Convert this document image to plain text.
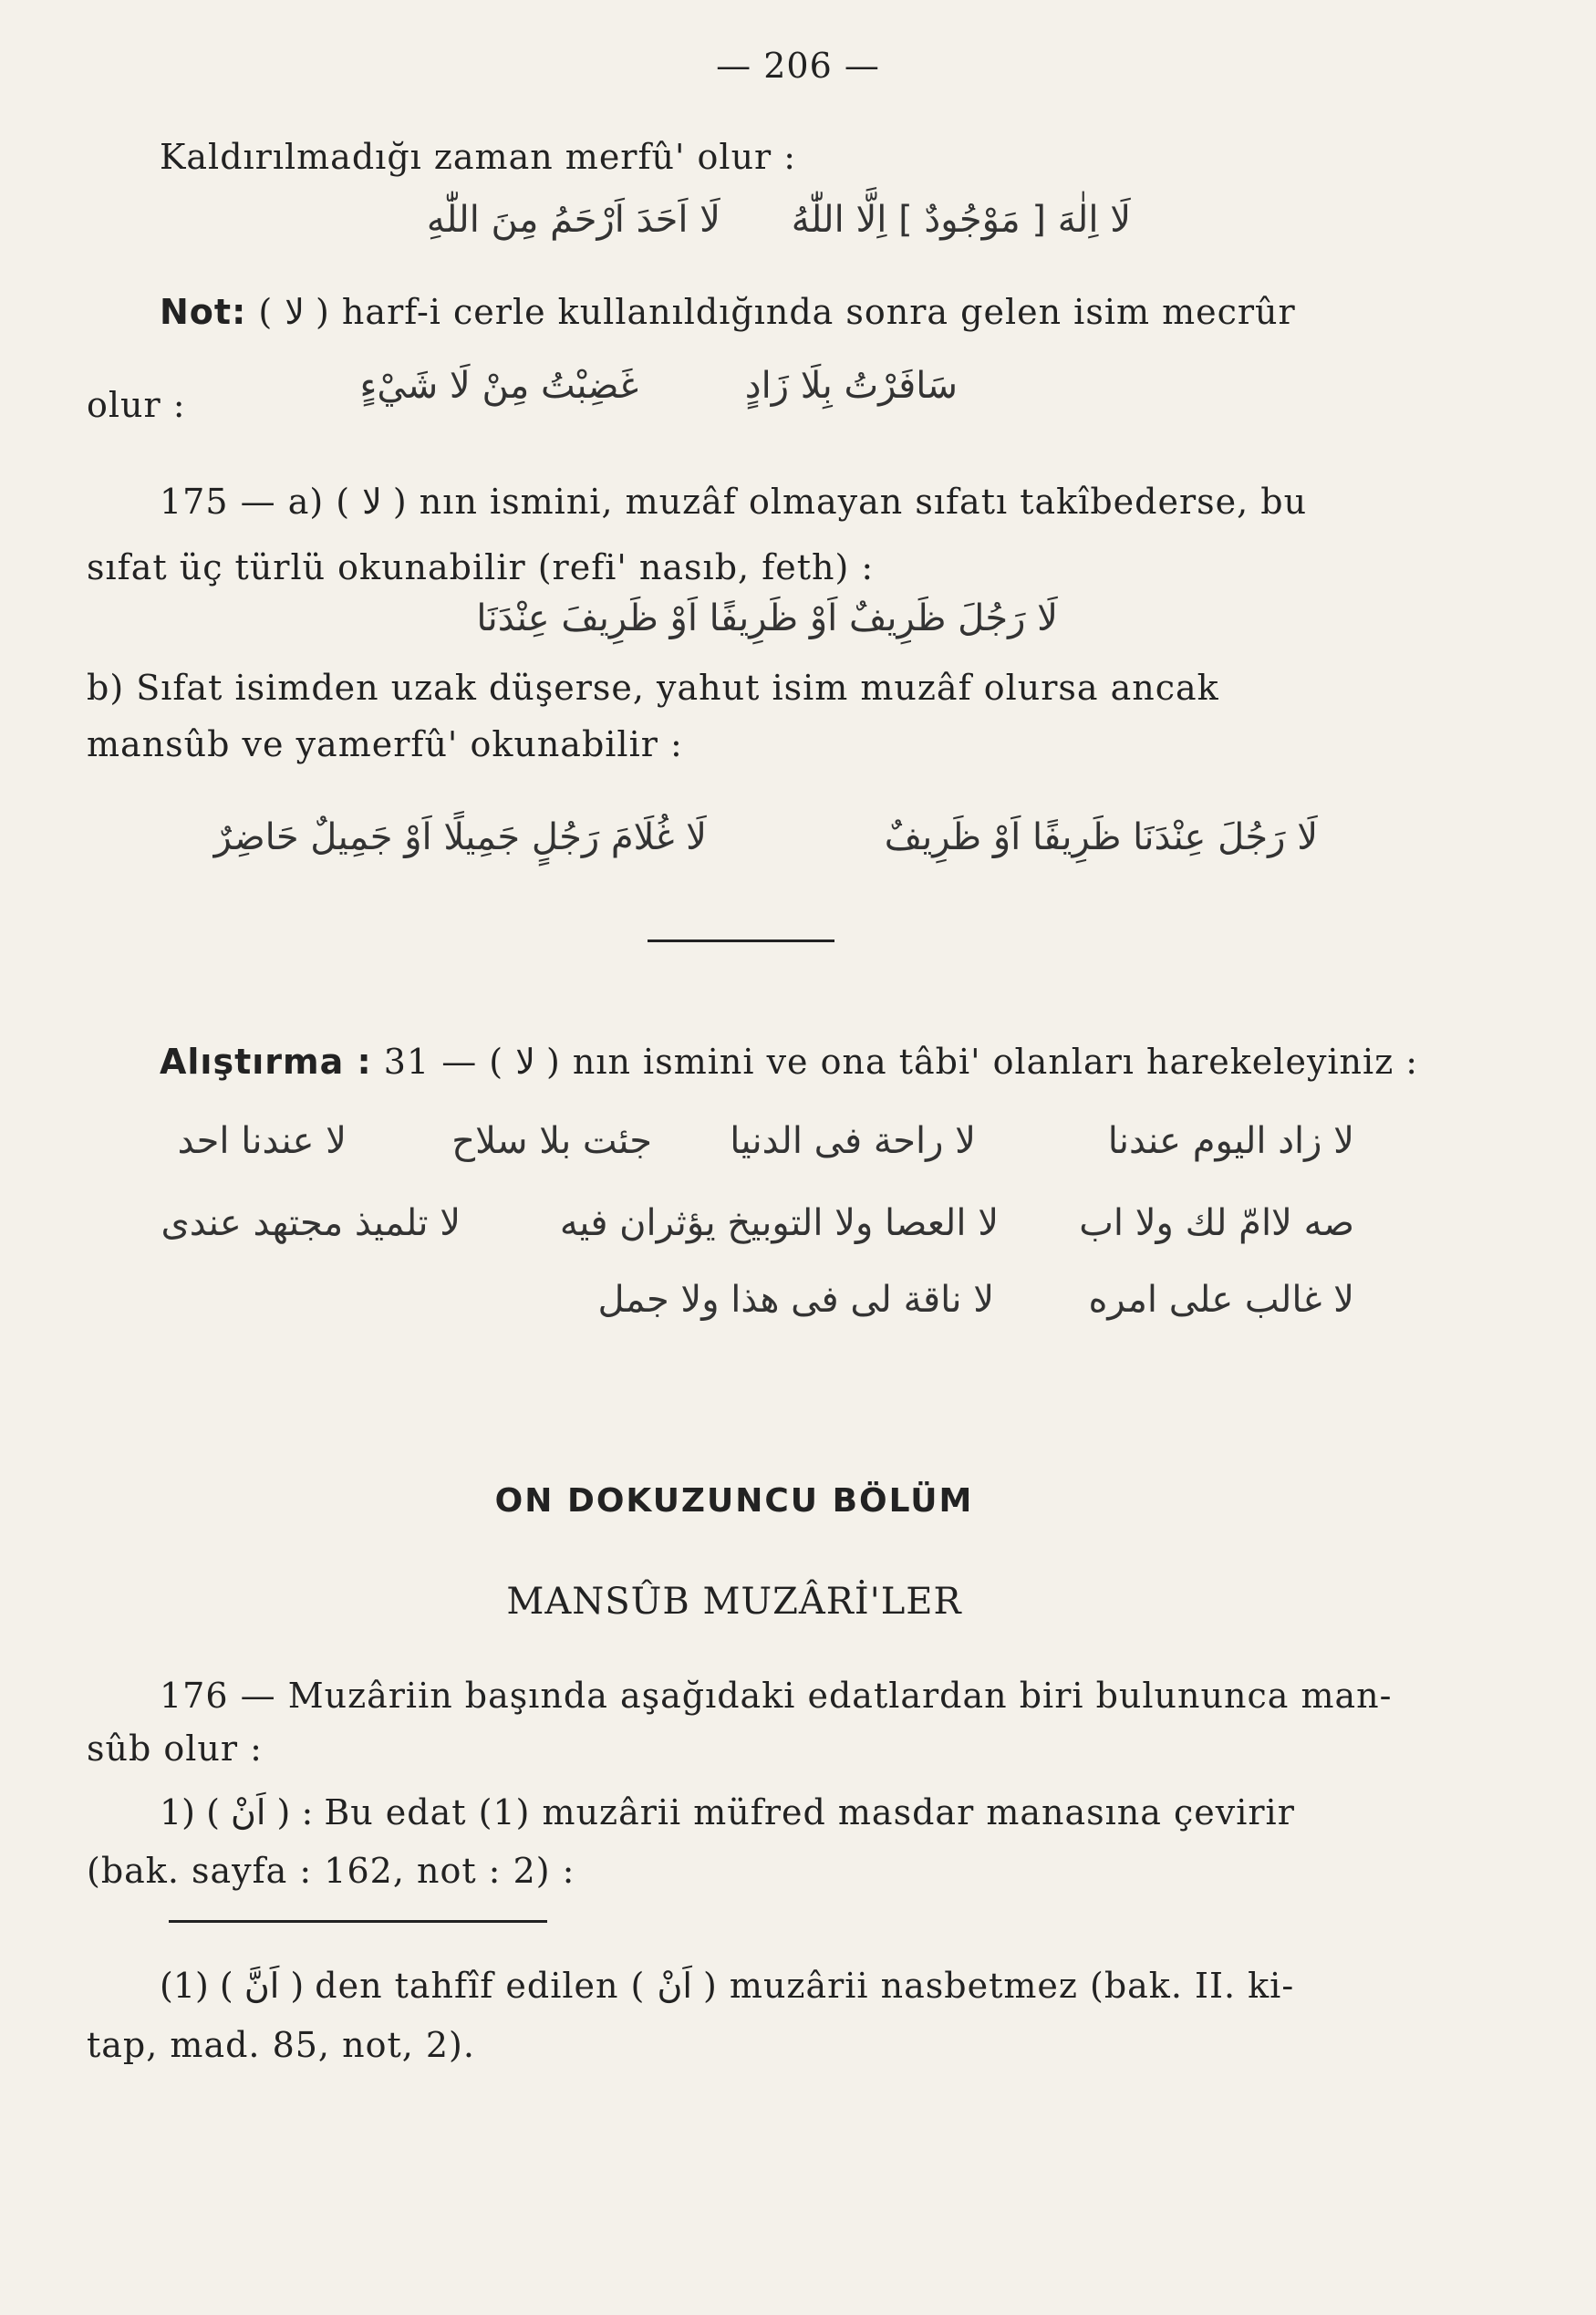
— 206 —
Kaldırılmadığı zaman merfû' olur :
لَا اِلٰهَ [ مَوْجُودٌ ] اِلَّا اللّٰهُ
لَا اَحَدَ اَرْحَمُ مِنَ اللّٰهِ
Not: ( لا ) harf-i cerle kullanıldığında sonra gelen isim mecrûr
olur :	سَافَرْتُ بِلَا زَادٍ
غَضِبْتُ مِنْ لَا شَيْءٍ
175 — a) ( لا ) nın ismini, muzâf olmayan sıfatı takîbederse, bu
sıfat üç türlü okunabilir (refi' nasıb, feth) :
لَا رَجُلَ ظَرِيفٌ اَوْ ظَرِيفًا اَوْ ظَرِيفَ عِنْدَنَا
b) Sıfat isimden uzak düşerse, yahut isim muzâf olursa ancak
mansûb ve yamerfû' okunabilir :
لَا رَجُلَ عِنْدَنَا ظَرِيفًا اَوْ ظَرِيفٌ
لَا غُلَامَ رَجُلٍ جَمِيلًا اَوْ جَمِيلٌ حَاضِرٌ
Alıştırma : 31 — ( لا ) nın ismini ve ona tâbi' olanları harekeleyiniz :
لا زاد اليوم عندنا
لا راحة فى الدنيا
جئت بلا سلاح
لا عندنا احد
صه لاامّ لك ولا اب
لا العصا ولا التوبيخ يؤثران فيه
لا تلميذ مجتهد عندى
لا غالب على امره
لا ناقة لى فى هذا ولا جمل
ON DOKUZUNCU BÖLÜM
MANSÛB MUZÂRİ'LER
176 — Muzâriin başında aşağıdaki edatlardan biri bulununca man-
sûb olur :
1) ( اَنْ ) : Bu edat (1) muzârii müfred masdar manasına çevirir
(bak. sayfa : 162, not : 2) :
(1) ( اَنَّ ) den tahfîf edilen ( اَنْ ) muzârii nasbetmez (bak. II. ki-
tap, mad. 85, not, 2).
